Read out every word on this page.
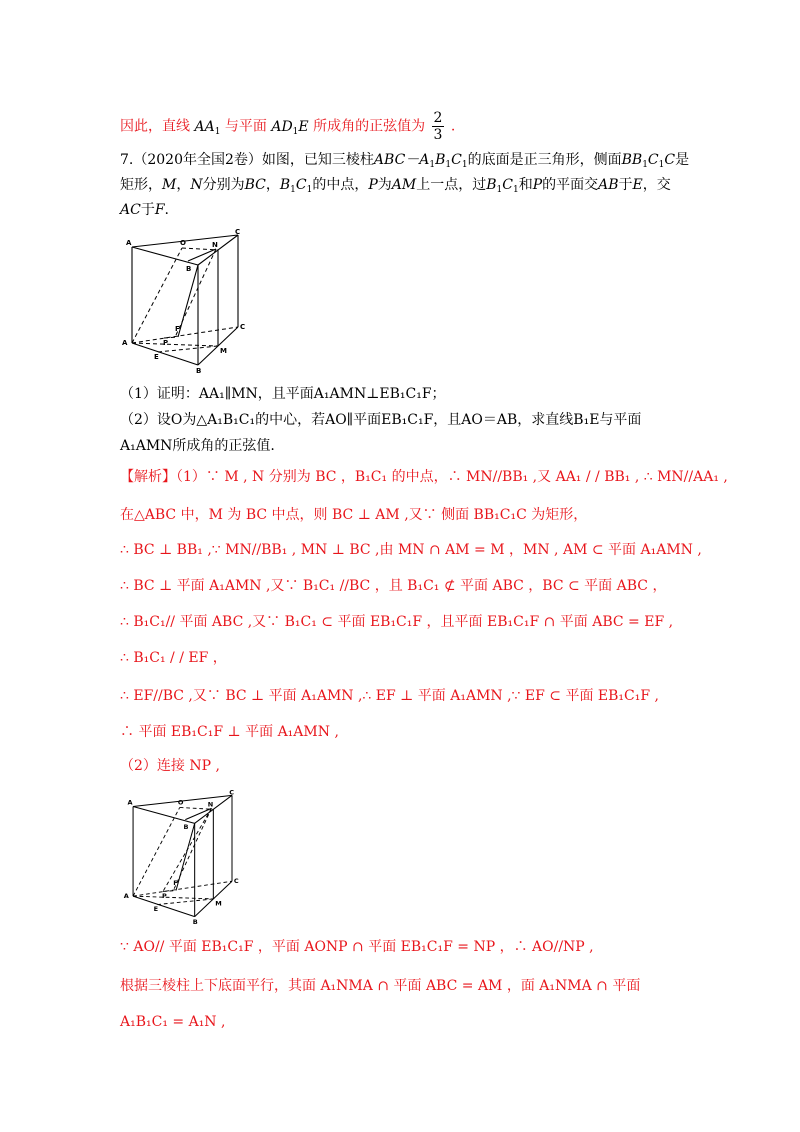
因此，直线 $AA_1$ 与平面 $AD_1E$ 所成角的正弦值为 $\frac{2}{3}$ .
7.（2020年全国2卷）如图，已知三棱柱$ABC-A_1B_1C_1$的底面是正三角形，侧面$BB_1C_1C$是
矩形，M，N分别为BC，$B_1C_1$的中点，P为AM上一点，过$B_1C_1$和P的平面交AB于E，交
AC于F.
A
C
O	N
B
F
P
A
E
C
M
B
（1）证明：AA₁∥MN，且平面A₁AMN⊥EB₁C₁F；
（2）设O为△A₁B₁C₁的中心，若AO∥平面EB₁C₁F，且AO＝AB，求直线B₁E与平面
A₁AMN所成角的正弦值.
【解析】（1）∵ M , N 分别为 BC ，B₁C₁ 的中点，∴ MN//BB₁ ,又 AA₁ / / BB₁ , ∴ MN//AA₁ ,
在△ABC 中，M 为 BC 中点，则 BC ⊥ AM ,又∵ 侧面 BB₁C₁C 为矩形，
∴ BC ⊥ BB₁ ,∵ MN//BB₁ , MN ⊥ BC ,由 MN ∩ AM = M ，MN , AM ⊂ 平面 A₁AMN ,
∴ BC ⊥ 平面 A₁AMN ,又∵ B₁C₁ //BC ，且 B₁C₁ ⊄ 平面 ABC ，BC ⊂ 平面 ABC ，
∴ B₁C₁// 平面 ABC ,又∵ B₁C₁ ⊂ 平面 EB₁C₁F ，且平面 EB₁C₁F ∩ 平面 ABC = EF ,
∴ B₁C₁ / / EF ，
∴ EF//BC ,又∵ BC ⊥ 平面 A₁AMN ,∴ EF ⊥ 平面 A₁AMN ,∵ EF ⊂ 平面 EB₁C₁F ,
∴ 平面 EB₁C₁F ⊥ 平面 A₁AMN ,
（2）连接 NP ,
A
C
O	N
B
F
P
A
E
C
M
B
∵ AO// 平面 EB₁C₁F ，平面 AONP ∩ 平面 EB₁C₁F = NP ，∴ AO//NP ,
根据三棱柱上下底面平行，其面 A₁NMA ∩ 平面 ABC = AM ，面 A₁NMA ∩ 平面
A₁B₁C₁ = A₁N ,
